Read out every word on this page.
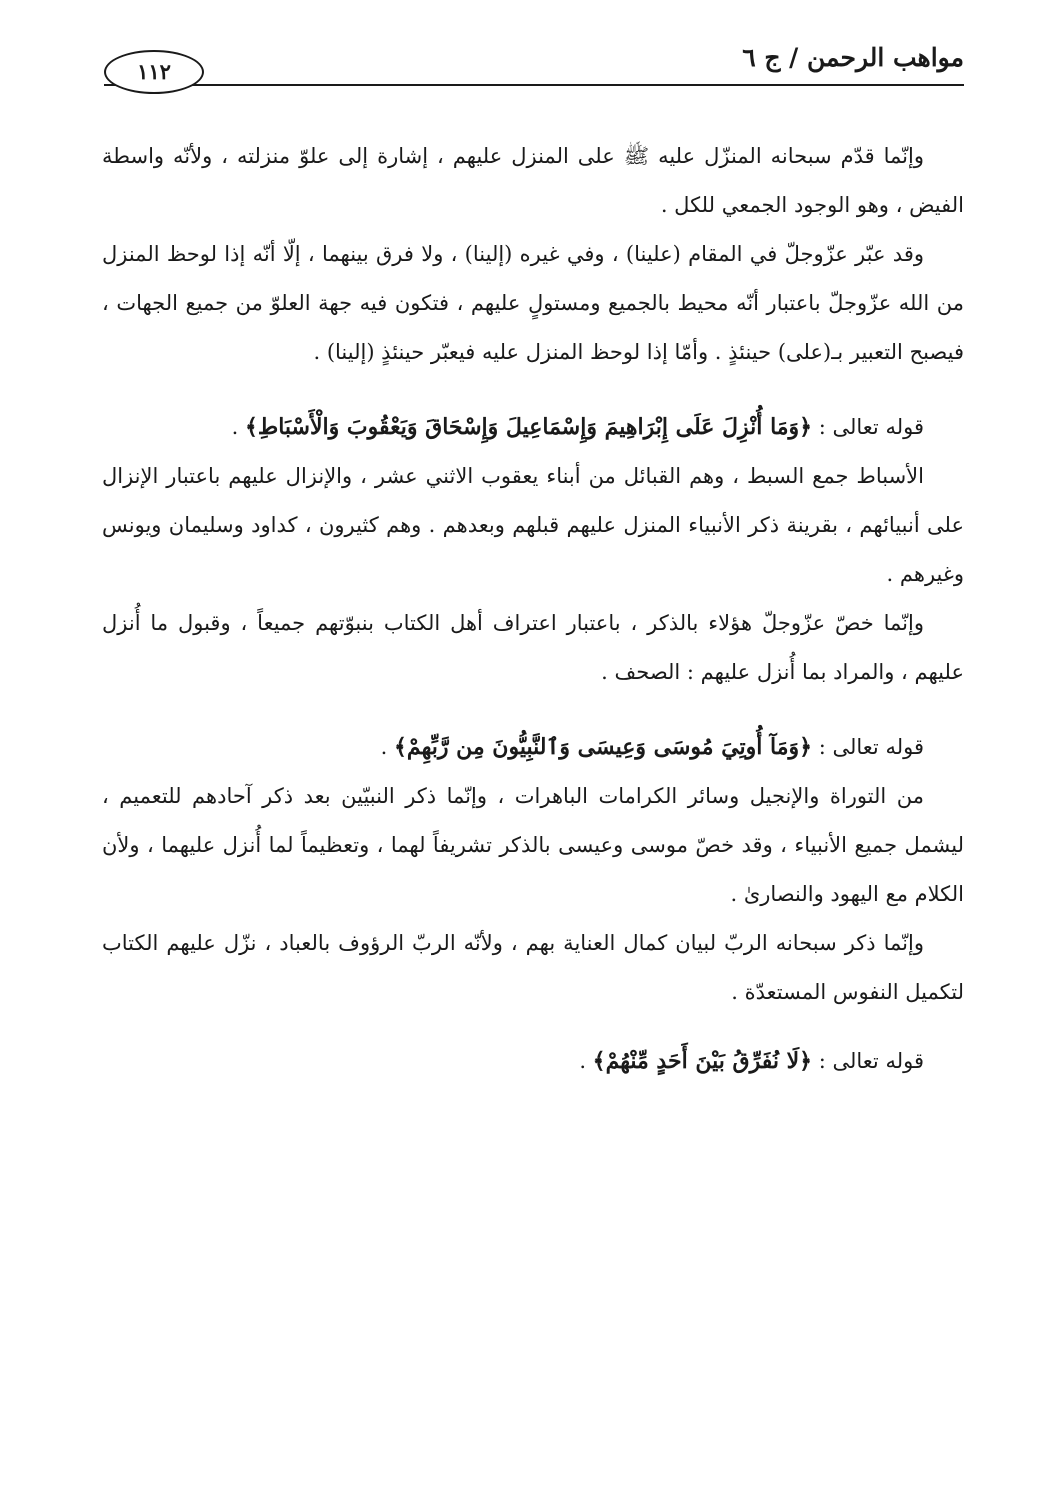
مواهب الرحمن / ج ٦
١١٢

وإنّما قدّم سبحانه المنزّل عليه ﷺ على المنزل عليهم ، إشارة إلى علوّ منزلته ، ولأنّه واسطة الفيض ، وهو الوجود الجمعي للكل .

وقد عبّر عزّوجلّ في المقام (علينا) ، وفي غيره (إلينا) ، ولا فرق بينهما ، إلّا أنّه إذا لوحظ المنزل من الله عزّوجلّ باعتبار أنّه محيط بالجميع ومستولٍ عليهم ، فتكون فيه جهة العلوّ من جميع الجهات ، فيصبح التعبير بـ(على) حينئذٍ . وأمّا إذا لوحظ المنزل عليه فيعبّر حينئذٍ (إلينا) .

قوله تعالى : ﴿وَمَا أُنْزِلَ عَلَى إِبْرَاهِيمَ وَإِسْمَاعِيلَ وَإِسْحَاقَ وَيَعْقُوبَ وَالْأَسْبَاطِ﴾ .

الأسباط جمع السبط ، وهم القبائل من أبناء يعقوب الاثني عشر ، والإنزال عليهم باعتبار الإنزال على أنبيائهم ، بقرينة ذكر الأنبياء المنزل عليهم قبلهم وبعدهم . وهم كثيرون ، كداود وسليمان ويونس وغيرهم .

وإنّما خصّ عزّوجلّ هؤلاء بالذكر ، باعتبار اعتراف أهل الكتاب بنبوّتهم جميعاً ، وقبول ما أُنزل عليهم ، والمراد بما أُنزل عليهم : الصحف .

قوله تعالى : ﴿وَمَآ أُوتِيَ مُوسَى وَعِيسَى وَٱلنَّبِيُّونَ مِن رَّبِّهِمْ﴾ .

من التوراة والإنجيل وسائر الكرامات الباهرات ، وإنّما ذكر النبيّين بعد ذكر آحادهم للتعميم ، ليشمل جميع الأنبياء ، وقد خصّ موسى وعيسى بالذكر تشريفاً لهما ، وتعظيماً لما أُنزل عليهما ، ولأن الكلام مع اليهود والنصارىٰ .

وإنّما ذكر سبحانه الربّ لبيان كمال العناية بهم ، ولأنّه الربّ الرؤوف بالعباد ، نزّل عليهم الكتاب لتكميل النفوس المستعدّة .

قوله تعالى : ﴿لَا نُفَرِّقُ بَيْنَ أَحَدٍ مِّنْهُمْ﴾ .
